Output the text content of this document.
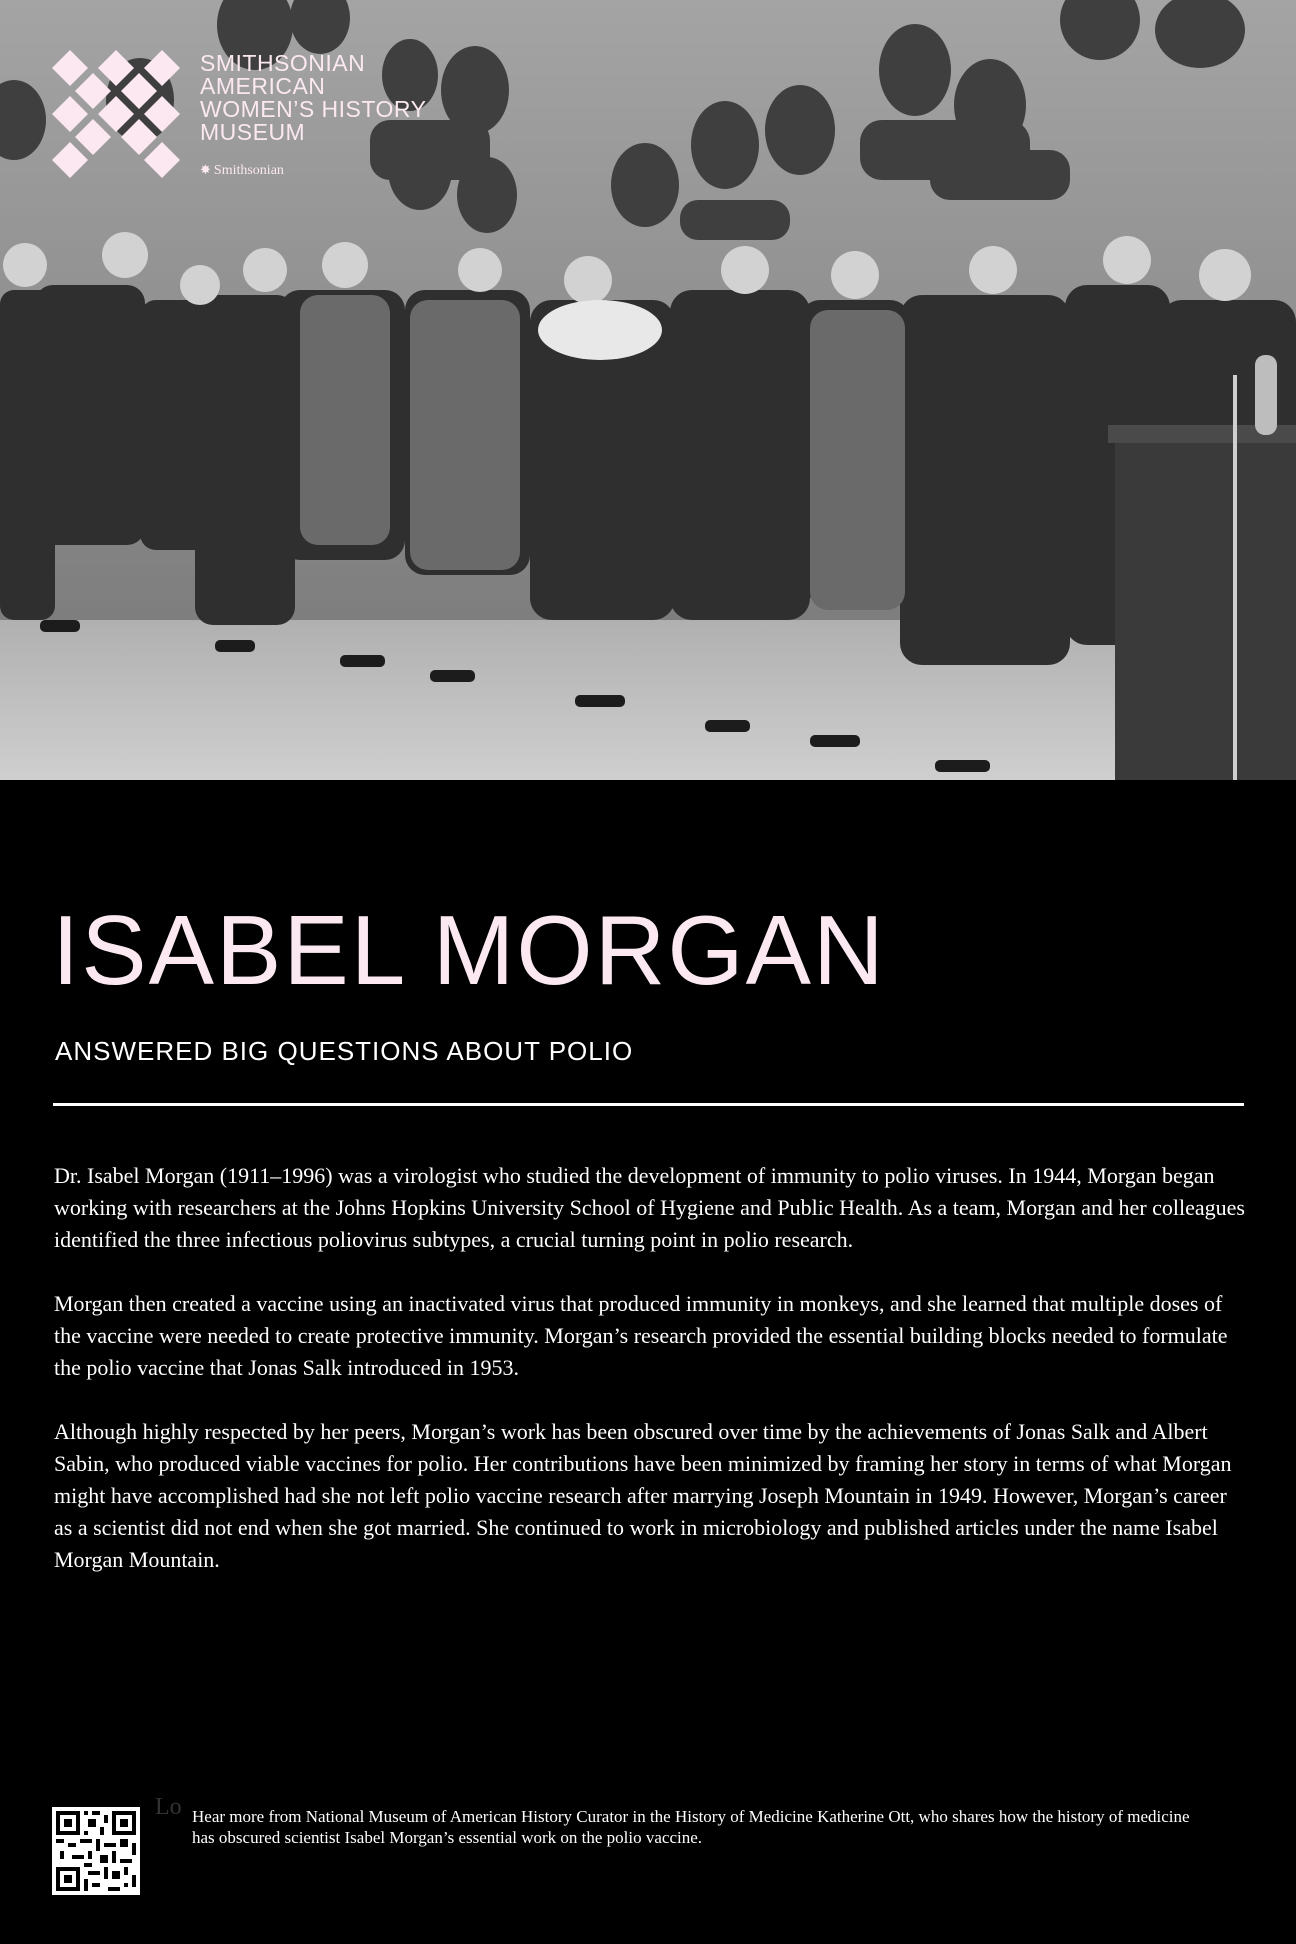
SMITHSONIAN
AMERICAN
WOMEN’S HISTORY
MUSEUM
✸ Smithsonian
ISABEL MORGAN
ANSWERED BIG QUESTIONS ABOUT POLIO

Dr. Isabel Morgan (1911–1996) was a virologist who studied the development of immunity to polio viruses. In 1944, Morgan began working with researchers at the Johns Hopkins University School of Hygiene and Public Health. As a team, Morgan and her colleagues identified the three infectious poliovirus subtypes, a crucial turning point in polio research.

Morgan then created a vaccine using an inactivated virus that produced immunity in monkeys, and she learned that multiple doses of the vaccine were needed to create protective immunity. Morgan’s research provided the essential building blocks needed to formulate the polio vaccine that Jonas Salk introduced in 1953.

Although highly respected by her peers, Morgan’s work has been obscured over time by the achievements of Jonas Salk and Albert Sabin, who produced viable vaccines for polio. Her contributions have been minimized by framing her story in terms of what Morgan might have accomplished had she not left polio vaccine research after marrying Joseph Mountain in 1949. However, Morgan’s career as a scientist did not end when she got married. She continued to work in microbiology and published articles under the name Isabel Morgan Mountain.

Lo Hear more from National Museum of American History Curator in the History of Medicine Katherine Ott, who shares how the history of medicine has obscured scientist Isabel Morgan’s essential work on the polio vaccine.
